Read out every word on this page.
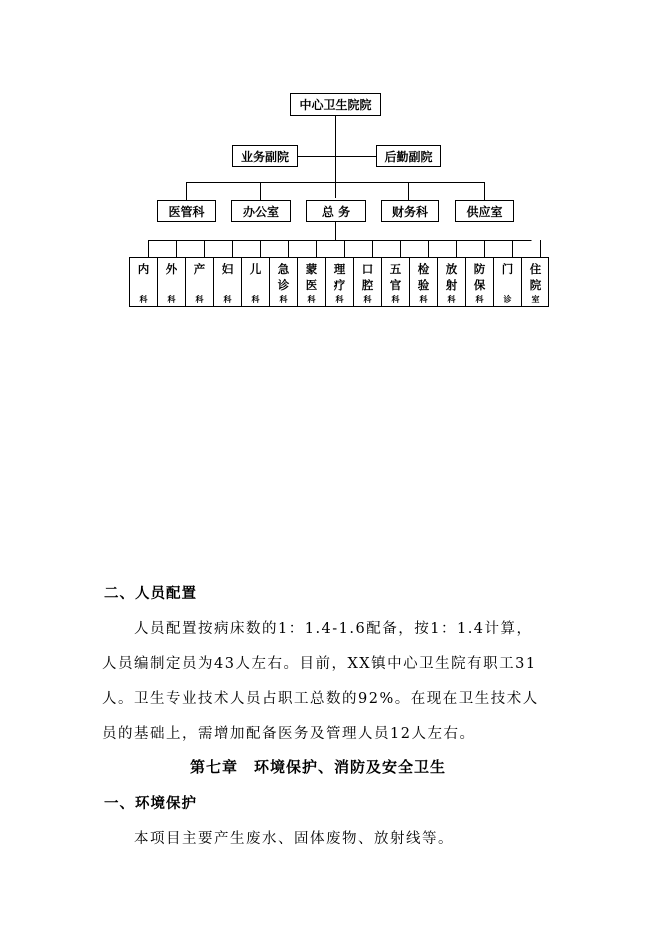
中心卫生院院
业务副院	后勤副院
医管科	办公室	总 务	财务科	供应室
内
科
外
科
产
科
妇
科
儿
科
急
诊
科
蒙
医
科
理
疗
科
口
腔
科
五
官
科
检
验
科
放
射
科
防
保
科
门
诊
住
院
室
二、人员配置
人员配置按病床数的1：1.4-1.6配备，按1：1.4计算，
人员编制定员为43人左右。目前，XX镇中心卫生院有职工31
人。卫生专业技术人员占职工总数的92%。在现在卫生技术人
员的基础上，需增加配备医务及管理人员12人左右。
第七章　环境保护、消防及安全卫生
一、环境保护
本项目主要产生废水、固体废物、放射线等。
